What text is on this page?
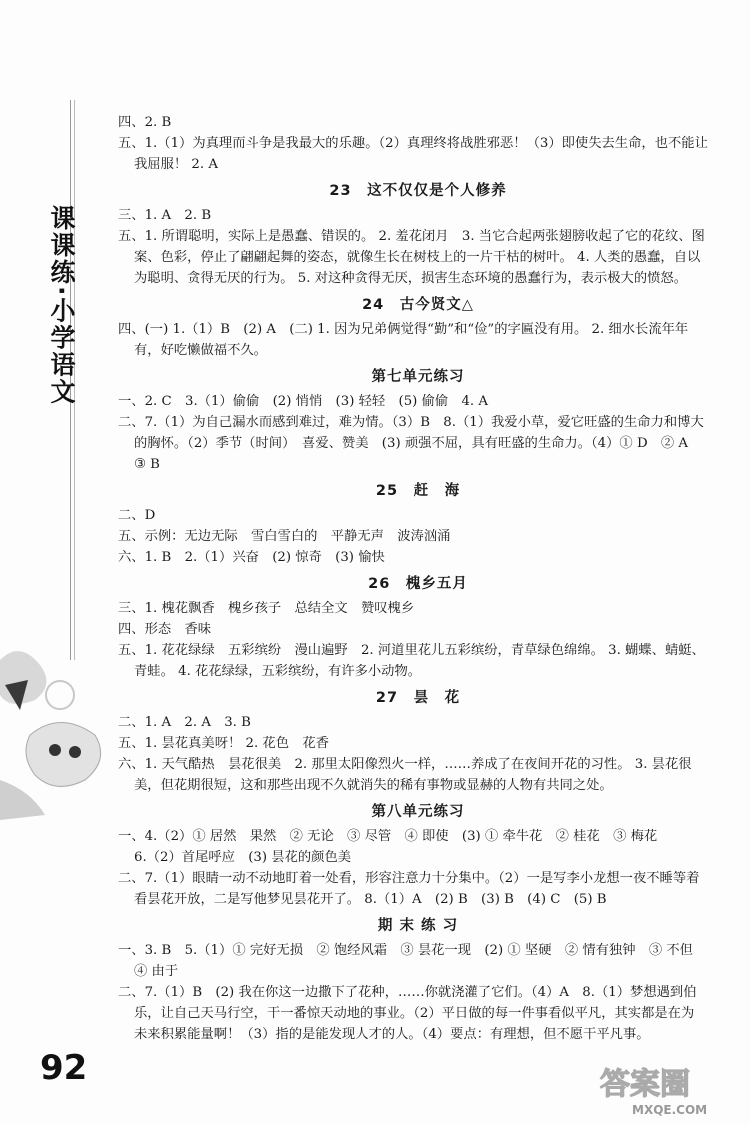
课课练·小学语文
四、2. B
五、1.（1）为真理而斗争是我最大的乐趣。（2）真理终将战胜邪恶！（3）即使失去生命，也不能让
我屈服！ 2. A
23　这不仅仅是个人修养
三、1. A　2. B
五、1. 所谓聪明，实际上是愚蠢、错误的。 2. 羞花闭月　3. 当它合起两张翅膀收起了它的花纹、图
案、色彩，停止了翩翩起舞的姿态，就像生长在树枝上的一片干枯的树叶。 4. 人类的愚蠢，自以
为聪明、贪得无厌的行为。 5. 对这种贪得无厌，损害生态环境的愚蠢行为，表示极大的愤怒。
24　古今贤文△
四、(一) 1.（1）B　(2) A　(二) 1. 因为兄弟俩觉得“勤”和“俭”的字匾没有用。 2. 细水长流年年
有，好吃懒做福不久。
第七单元练习
一、2. C　3.（1）偷偷　(2) 悄悄　(3) 轻轻　(5) 偷偷　4. A
二、7.（1）为自己漏水而感到难过，难为情。（3）B　8.（1）我爱小草，爱它旺盛的生命力和博大
的胸怀。（2）季节（时间）　喜爱、赞美　(3) 顽强不屈，具有旺盛的生命力。（4）① D　② A
③ B
25　赶　海
二、D
五、示例：无边无际　雪白雪白的　平静无声　波涛汹涌
六、1. B　2.（1）兴奋　(2) 惊奇　(3) 愉快
26　槐乡五月
三、1. 槐花飘香　槐乡孩子　总结全文　赞叹槐乡
四、形态　香味
五、1. 花花绿绿　五彩缤纷　漫山遍野　2. 河道里花儿五彩缤纷，青草绿色绵绵。 3. 蝴蝶、蜻蜓、
青蛙。 4. 花花绿绿，五彩缤纷，有许多小动物。
27　昙　花
二、1. A　2. A　3. B
五、1. 昙花真美呀！ 2. 花色　花香
六、1. 天气酷热　昙花很美　2. 那里太阳像烈火一样，……养成了在夜间开花的习性。 3. 昙花很
美，但花期很短，这和那些出现不久就消失的稀有事物或显赫的人物有共同之处。
第八单元练习
一、4.（2）① 居然　果然　② 无论　③ 尽管　④ 即使　(3) ① 牵牛花　② 桂花　③ 梅花
6.（2）首尾呼应　(3) 昙花的颜色美
二、7.（1）眼睛一动不动地盯着一处看，形容注意力十分集中。（2）一是写李小龙想一夜不睡等着
看昙花开放，二是写他梦见昙花开了。 8.（1）A　(2) B　(3) B　(4) C　(5) B
期 末 练 习
一、3. B　5.（1）① 完好无损　② 饱经风霜　③ 昙花一现　(2) ① 坚硬　② 情有独钟　③ 不但
④ 由于
二、7.（1）B　(2) 我在你这一边撒下了花种，……你就浇灌了它们。（4）A　8.（1）梦想遇到伯
乐，让自己天马行空，干一番惊天动地的事业。（2）平日做的每一件事看似平凡，其实都是在为
未来积累能量啊！（3）指的是能发现人才的人。（4）要点：有理想，但不愿干平凡事。
92	答案圈
MXQE.COM
